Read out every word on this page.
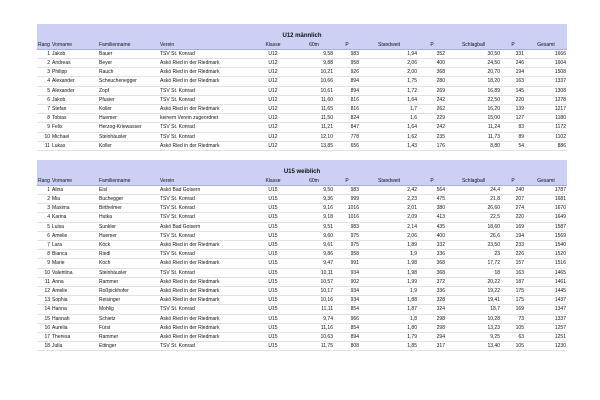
U12 männlich
Rang	Vorname	Familienname	Verein	Klasse	60m	P	Standweit	P	Schlagball	P	Gesamt
1	Jakob	Bauer	TSV St. Konrad	U12	9,58	983	1,94	352	30,50	331	1666
2	Andreas	Beyer	Askö Ried in der Riedmark	U12	9,88	958	2,06	400	24,50	246	1604
3	Philipp	Rauch	Askö Ried in der Riedmark	U12	10,21	926	2,00	368	20,70	194	1508
4	Alexander	Scheuchenegger	Askö Ried in der Riedmark	U12	10,66	894	1,75	280	18,20	163	1337
5	Alexander	Zopf	TSV St. Konrad	U12	10,61	894	1,72	269	16,89	145	1308
6	Jakob	Pfusier	TSV St. Konrad	U12	11,60	816	1,64	242	22,50	220	1278
7	Stefan	Koller	Askö Ried in der Riedmark	U12	11,65	816	1,7	262	16,20	139	1217
8	Tobias	Huemer	keinem Verein zugeordnet	U12	11,50	824	1,6	229	15,00	127	1180
9	Felix	Herzog-Kriewasser	TSV St. Konrad	U12	11,21	847	1,64	242	11,24	83	1172
10	Michael	Steinhäusler	TSV St. Konrad	U12	12,10	778	1,62	235	11,73	89	1102
11	Lukas	Koller	Askö Ried in der Riedmark	U12	13,85	656	1,43	176	8,80	54	886
U15 weiblich
Rang	Vorname	Familienname	Verein	Klasse	60m	P	Standweit	P	Schlagball	P	Gesamt
1	Alina	Eisl	Askö Bad Goisern	U15	9,50	983	2,42	564	24,4	240	1787
2	Mia	Buchegger	TSV St. Konrad	U15	9,36	999	2,23	475	21,8	207	1681
3	Maxima	Birthelmer	TSV St. Konrad	U15	9,16	1016	2,01	380	26,60	274	1670
4	Karina	Hutka	TSV St. Konrad	U15	9,18	1016	2,09	413	22,5	220	1649
5	Luisa	Sunkler	Askö Bad Goisern	U15	9,51	983	2,14	435	18,60	169	1587
6	Amelie	Huemer	TSV St. Konrad	U15	9,60	975	2,06	400	26,6	194	1569
7	Lara	Köck	Askö Ried in der Riedmark	U15	9,61	975	1,89	332	23,50	233	1540
8	Bianca	Riedl	TSV St. Konrad	U15	9,86	958	1,9	336	23	226	1520
9	Marie	Koch	Askö Ried in der Riedmark	U15	9,47	991	1,98	368	17,72	157	1516
10	Valentina	Steinhäusler	TSV St. Konrad	U15	10,11	934	1,98	368	18	163	1465
11	Anna	Rammer	Askö Ried in der Riedmark	U15	10,57	902	1,99	372	20,22	187	1461
12	Amelie	Roßpickhofer	Askö Ried in der Riedmark	U15	10,17	934	1,9	336	19,22	175	1445
13	Sophia	Reisinger	Askö Ried in der Riedmark	U15	10,16	934	1,88	328	19,41	175	1437
14	Hanna	Mohlig	TSV St. Konrad	U15	11,11	854	1,87	324	18,7	169	1347
15	Hannah	Schietz	Askö Ried in der Riedmark	U15	9,74	966	1,8	298	10,28	73	1337
16	Aurelia	Fürst	Askö Ried in der Riedmark	U15	11,16	854	1,80	298	13,23	105	1257
17	Theresa	Rammer	Askö Ried in der Riedmark	U15	10,63	894	1,79	294	9,25	63	1251
18	Julia	Ettinger	TSV St. Konrad	U15	11,75	808	1,85	317	13,40	105	1230
